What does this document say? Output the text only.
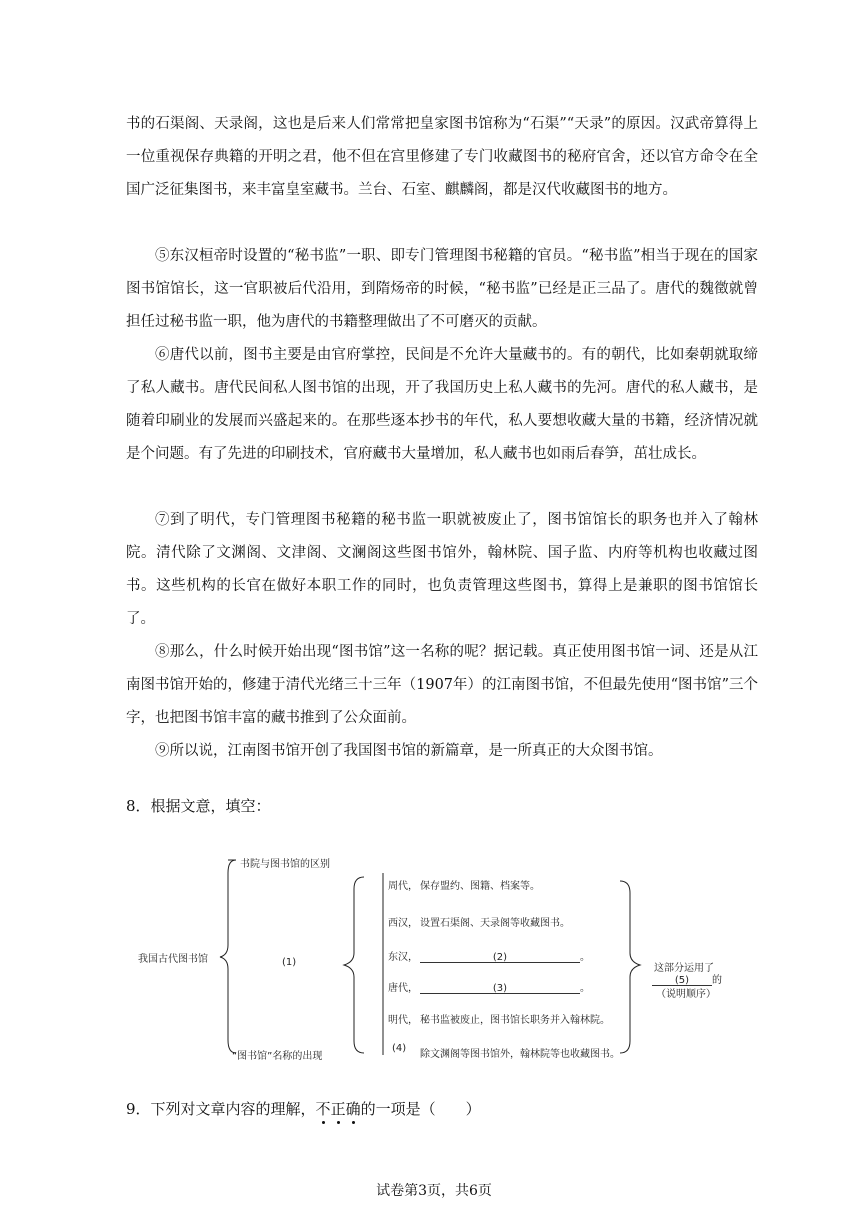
书的石渠阁、天录阁，这也是后来人们常常把皇家图书馆称为“石渠”“天录”的原因。汉武帝算得上一位重视保存典籍的开明之君，他不但在宫里修建了专门收藏图书的秘府官舍，还以官方命令在全国广泛征集图书，来丰富皇室藏书。兰台、石室、麒麟阁，都是汉代收藏图书的地方。

⑤东汉桓帝时设置的“秘书监”一职、即专门管理图书秘籍的官员。“秘书监”相当于现在的国家图书馆馆长，这一官职被后代沿用，到隋炀帝的时候，“秘书监”已经是正三品了。唐代的魏徵就曾担任过秘书监一职，他为唐代的书籍整理做出了不可磨灭的贡献。

⑥唐代以前，图书主要是由官府掌控，民间是不允许大量藏书的。有的朝代，比如秦朝就取缔了私人藏书。唐代民间私人图书馆的出现，开了我国历史上私人藏书的先河。唐代的私人藏书，是随着印刷业的发展而兴盛起来的。在那些逐本抄书的年代，私人要想收藏大量的书籍，经济情况就是个问题。有了先进的印刷技术，官府藏书大量增加，私人藏书也如雨后春笋，茁壮成长。

⑦到了明代，专门管理图书秘籍的秘书监一职就被废止了，图书馆馆长的职务也并入了翰林院。清代除了文渊阁、文津阁、文澜阁这些图书馆外，翰林院、国子监、内府等机构也收藏过图书。这些机构的长官在做好本职工作的同时，也负责管理这些图书，算得上是兼职的图书馆馆长了。

⑧那么，什么时候开始出现“图书馆”这一名称的呢？据记载。真正使用图书馆一词、还是从江南图书馆开始的，修建于清代光绪三十三年（1907年）的江南图书馆，不但最先使用“图书馆”三个字，也把图书馆丰富的藏书推到了公众面前。

⑨所以说，江南图书馆开创了我国图书馆的新篇章，是一所真正的大众图书馆。

8．根据文意，填空：

我国古代图书馆
书院与图书馆的区别
(1)
“图书馆”名称的出现
周代， 保存盟约、图籍、档案等。
西汉， 设置石渠阁、天录阁等收藏图书。
东汉，	(2)	。
唐代，	(3)	。
明代， 秘书监被废止，图书馆长职务并入翰林院。
(4)
除文渊阁等图书馆外，翰林院等也收藏图书。
这部分运用了
(5) 的
（说明顺序）

9．下列对文章内容的理解，不正确的一项是（　　）

试卷第3页，共6页
